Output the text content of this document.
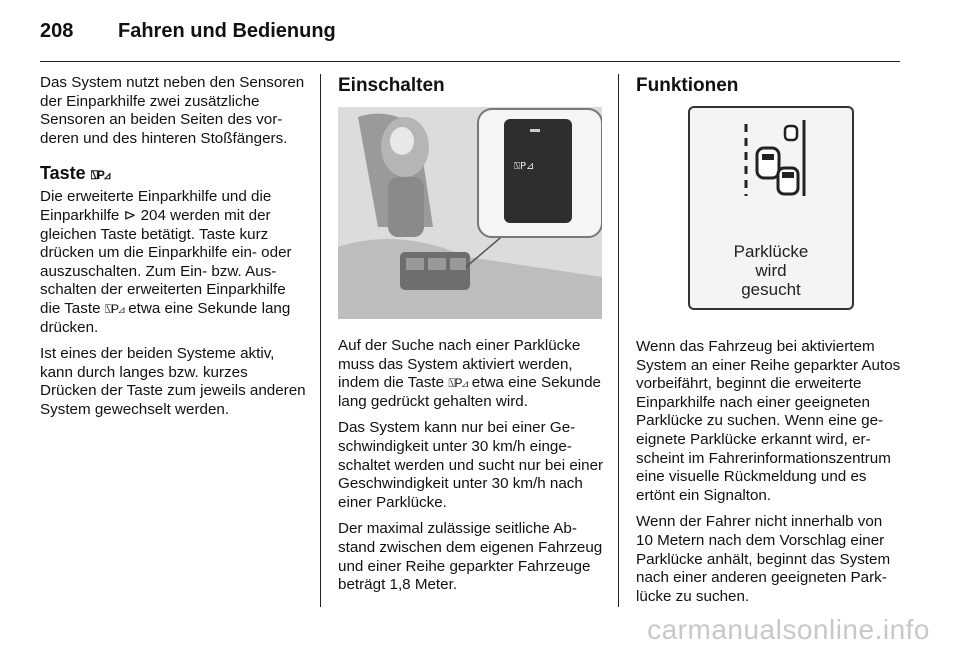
208 Fahren und Bedienung

Das System nutzt neben den Sensoren der Einparkhilfe zwei zusätzliche Sensoren an beiden Seiten des vorderen und des hinteren Stoßfängers.

Taste ⍂P⊿

Die erweiterte Einparkhilfe und die Einparkhilfe ⊳ 204 werden mit der gleichen Taste betätigt. Taste kurz drücken um die Einparkhilfe ein- oder auszuschalten. Zum Ein- bzw. Ausschalten der erweiterten Einparkhilfe die Taste ⍂P⊿ etwa eine Sekunde lang drücken.

Ist eines der beiden Systeme aktiv, kann durch langes bzw. kurzes Drücken der Taste zum jeweils anderen System gewechselt werden.

Einschalten
⍂P⊿

Auf der Suche nach einer Parklücke muss das System aktiviert werden, indem die Taste ⍂P⊿ etwa eine Sekunde lang gedrückt gehalten wird.

Das System kann nur bei einer Geschwindigkeit unter 30 km/h eingeschaltet werden und sucht nur bei einer Geschwindigkeit unter 30 km/h nach einer Parklücke.

Der maximal zulässige seitliche Abstand zwischen dem eigenen Fahrzeug und einer Reihe geparkter Fahrzeuge beträgt 1,8 Meter.

Funktionen
Parklücke
wird
gesucht

Wenn das Fahrzeug bei aktiviertem System an einer Reihe geparkter Autos vorbeifährt, beginnt die erweiterte Einparkhilfe nach einer geeigneten Parklücke zu suchen. Wenn eine geeignete Parklücke erkannt wird, erscheint im Fahrerinformationszentrum eine visuelle Rückmeldung und es ertönt ein Signalton.

Wenn der Fahrer nicht innerhalb von 10 Metern nach dem Vorschlag einer Parklücke anhält, beginnt das System nach einer anderen geeigneten Parklücke zu suchen.

carmanualsonline.info
